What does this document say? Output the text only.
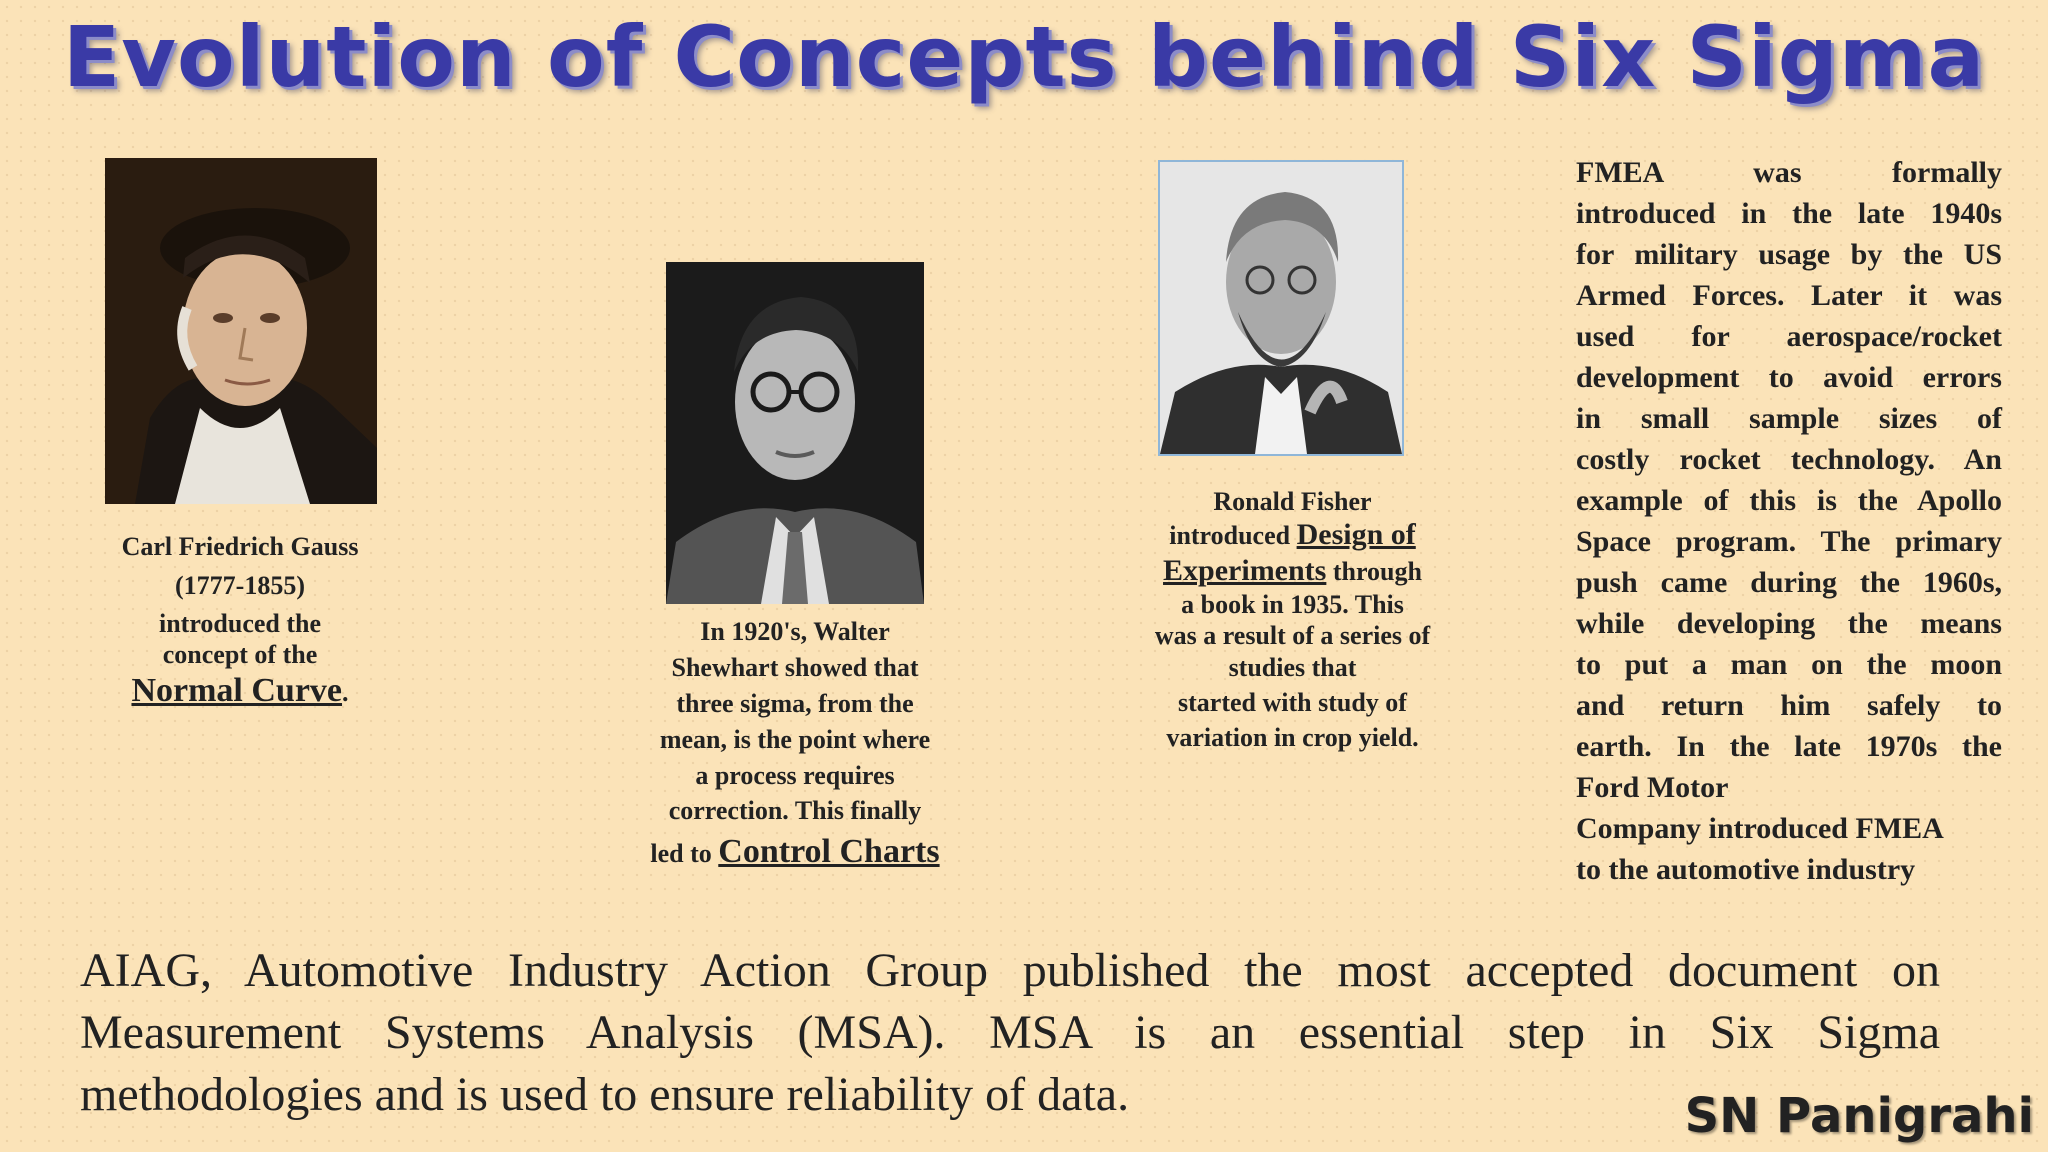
Evolution of Concepts behind Six Sigma
Carl Friedrich Gauss
(1777-1855)
introduced the
concept of the
Normal Curve.
In 1920's, Walter
Shewhart showed that
three sigma, from the
mean, is the point where
a process requires
correction. This finally
led to Control Charts
Ronald Fisher
introduced Design of
Experiments through
a book in 1935. This
was a result of a series of
studies that
started with study of
variation in crop yield.
FMEA was formally
introduced in the late 1940s
for military usage by the US
Armed Forces. Later it was
used for aerospace/rocket
development to avoid errors
in small sample sizes of
costly rocket technology. An
example of this is the Apollo
Space program. The primary
push came during the 1960s,
while developing the means
to put a man on the moon
and return him safely to
earth. In the late 1970s the
Ford Motor
Company introduced FMEA
to the automotive industry
AIAG, Automotive Industry Action Group published the most accepted document on
Measurement Systems Analysis (MSA). MSA is an essential step in Six Sigma
methodologies and is used to ensure reliability of data.	SN Panigrahi
